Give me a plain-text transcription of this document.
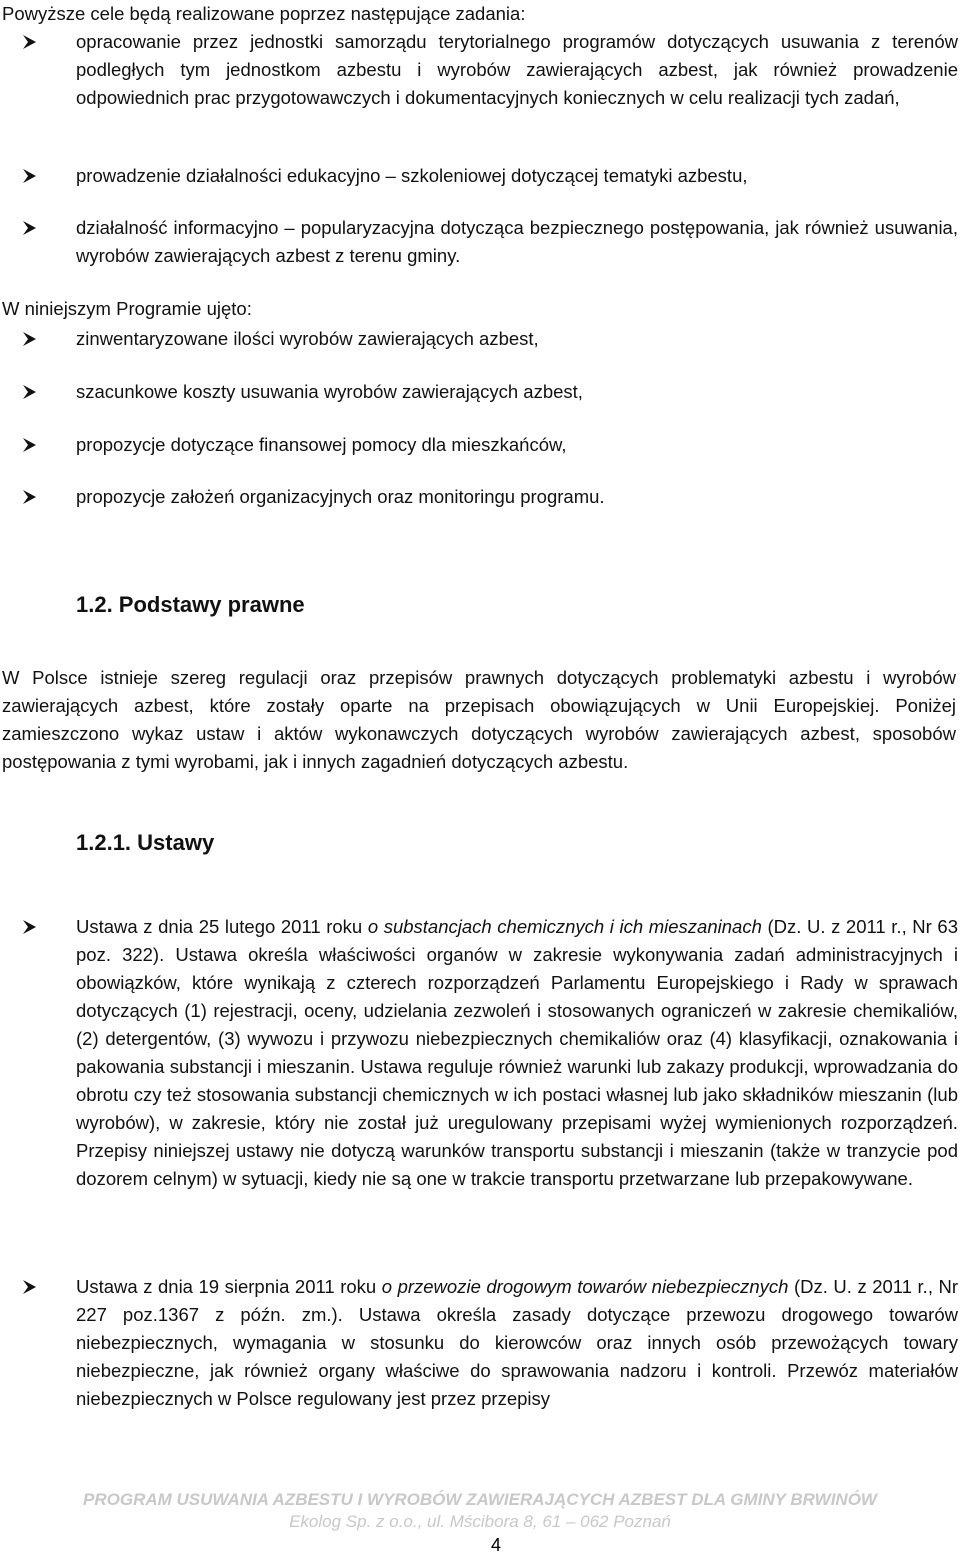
Powyższe cele będą realizowane poprzez następujące zadania:
opracowanie przez jednostki samorządu terytorialnego programów dotyczących usuwania z terenów podległych tym jednostkom azbestu i wyrobów zawierających azbest, jak również prowadzenie odpowiednich prac przygotowawczych i dokumentacyjnych koniecznych w celu realizacji tych zadań,
prowadzenie działalności edukacyjno – szkoleniowej dotyczącej tematyki azbestu,
działalność informacyjno – popularyzacyjna dotycząca bezpiecznego postępowania, jak również usuwania, wyrobów zawierających azbest z terenu gminy.
W niniejszym Programie ujęto:
zinwentaryzowane ilości wyrobów zawierających azbest,
szacunkowe koszty usuwania wyrobów zawierających azbest,
propozycje dotyczące finansowej pomocy dla mieszkańców,
propozycje założeń organizacyjnych oraz monitoringu programu.
1.2. Podstawy prawne
W Polsce istnieje szereg regulacji oraz przepisów prawnych dotyczących problematyki azbestu i wyrobów zawierających azbest, które zostały oparte na przepisach obowiązujących w Unii Europejskiej. Poniżej zamieszczono wykaz ustaw i aktów wykonawczych dotyczących wyrobów zawierających azbest, sposobów postępowania z tymi wyrobami, jak i innych zagadnień dotyczących azbestu.
1.2.1. Ustawy
Ustawa z dnia 25 lutego 2011 roku o substancjach chemicznych i ich mieszaninach (Dz. U. z 2011 r., Nr 63 poz. 322). Ustawa określa właściwości organów w zakresie wykonywania zadań administracyjnych i obowiązków, które wynikają z czterech rozporządzeń Parlamentu Europejskiego i Rady w sprawach dotyczących (1) rejestracji, oceny, udzielania zezwoleń i stosowanych ograniczeń w zakresie chemikaliów, (2) detergentów, (3) wywozu i przywozu niebezpiecznych chemikaliów oraz (4) klasyfikacji, oznakowania i pakowania substancji i mieszanin. Ustawa reguluje również warunki lub zakazy produkcji, wprowadzania do obrotu czy też stosowania substancji chemicznych w ich postaci własnej lub jako składników mieszanin (lub wyrobów), w zakresie, który nie został już uregulowany przepisami wyżej wymienionych rozporządzeń. Przepisy niniejszej ustawy nie dotyczą warunków transportu substancji i mieszanin (także w tranzycie pod dozorem celnym) w sytuacji, kiedy nie są one w trakcie transportu przetwarzane lub przepakowywane.
Ustawa z dnia 19 sierpnia 2011 roku o przewozie drogowym towarów niebezpiecznych (Dz. U. z 2011 r., Nr 227 poz.1367 z późn. zm.). Ustawa określa zasady dotyczące przewozu drogowego towarów niebezpiecznych, wymagania w stosunku do kierowców oraz innych osób przewożących towary niebezpieczne, jak również organy właściwe do sprawowania nadzoru i kontroli. Przewóz materiałów niebezpiecznych w Polsce regulowany jest przez przepisy
PROGRAM USUWANIA AZBESTU I WYROBÓW ZAWIERAJĄCYCH AZBEST DLA GMINY BRWINÓW
Ekolog Sp. z o.o., ul. Mścibora 8, 61 – 062 Poznań
4
